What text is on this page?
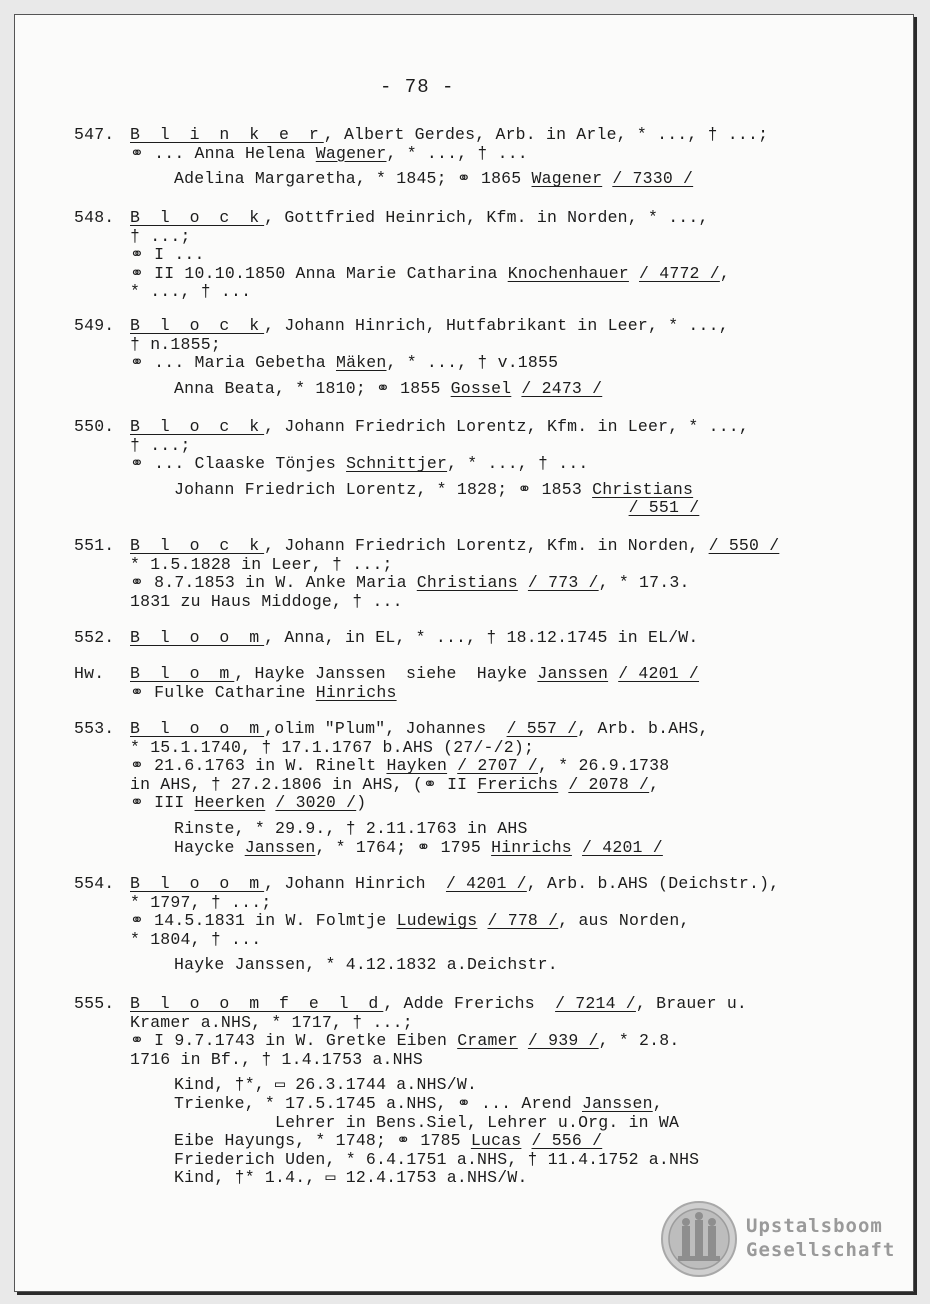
- 78 -
547. B l i n k e r, Albert Gerdes, Arb. in Arle, * ..., † ...;
⚭ ... Anna Helena Wagener, * ..., † ...
Adelina Margaretha, * 1845; ⚭ 1865 Wagener / 7330 /
548. B l o c k, Gottfried Heinrich, Kfm. in Norden, * ...,
† ...;
⚭ I ...
⚭ II 10.10.1850 Anna Marie Catharina Knochenhauer / 4772 /,
* ..., † ...
549. B l o c k, Johann Hinrich, Hutfabrikant in Leer, * ...,
† n.1855;
⚭ ... Maria Gebetha Mäken, * ..., † v.1855
Anna Beata, * 1810; ⚭ 1855 Gossel / 2473 /
550. B l o c k, Johann Friedrich Lorentz, Kfm. in Leer, * ...,
† ...;
⚭ ... Claaske Tönjes Schnittjer, * ..., † ...
Johann Friedrich Lorentz, * 1828; ⚭ 1853 Christians
/ 551 /
551. B l o c k, Johann Friedrich Lorentz, Kfm. in Norden, / 550 /
* 1.5.1828 in Leer, † ...;
⚭ 8.7.1853 in W. Anke Maria Christians / 773 /, * 17.3.
1831 zu Haus Middoge, † ...
552. B l o o m, Anna, in EL, * ..., † 18.12.1745 in EL/W.
Hw. B l o m, Hayke Janssen  siehe  Hayke Janssen / 4201 /
⚭ Fulke Catharine Hinrichs
553. B l o o m,olim "Plum", Johannes  / 557 /, Arb. b.AHS,
* 15.1.1740, † 17.1.1767 b.AHS (27/-/2);
⚭ 21.6.1763 in W. Rinelt Hayken / 2707 /, * 26.9.1738
in AHS, † 27.2.1806 in AHS, (⚭ II Frerichs / 2078 /,
⚭ III Heerken / 3020 /)
Rinste, * 29.9., † 2.11.1763 in AHS
Haycke Janssen, * 1764; ⚭ 1795 Hinrichs / 4201 /
554. B l o o m, Johann Hinrich  / 4201 /, Arb. b.AHS (Deichstr.),
* 1797, † ...;
⚭ 14.5.1831 in W. Folmtje Ludewigs / 778 /, aus Norden,
* 1804, † ...
Hayke Janssen, * 4.12.1832 a.Deichstr.
555. B l o o m f e l d, Adde Frerichs  / 7214 /, Brauer u.
Kramer a.NHS, * 1717, † ...;
⚭ I 9.7.1743 in W. Gretke Eiben Cramer / 939 /, * 2.8.
1716 in Bf., † 1.4.1753 a.NHS
Kind, †*, ▭ 26.3.1744 a.NHS/W.
Trienke, * 17.5.1745 a.NHS, ⚭ ... Arend Janssen,
Lehrer in Bens.Siel, Lehrer u.Org. in WA
Eibe Hayungs, * 1748; ⚭ 1785 Lucas / 556 /
Friederich Uden, * 6.4.1751 a.NHS, † 11.4.1752 a.NHS
Kind, †* 1.4., ▭ 12.4.1753 a.NHS/W.
Upstalsboom
Gesellschaft
